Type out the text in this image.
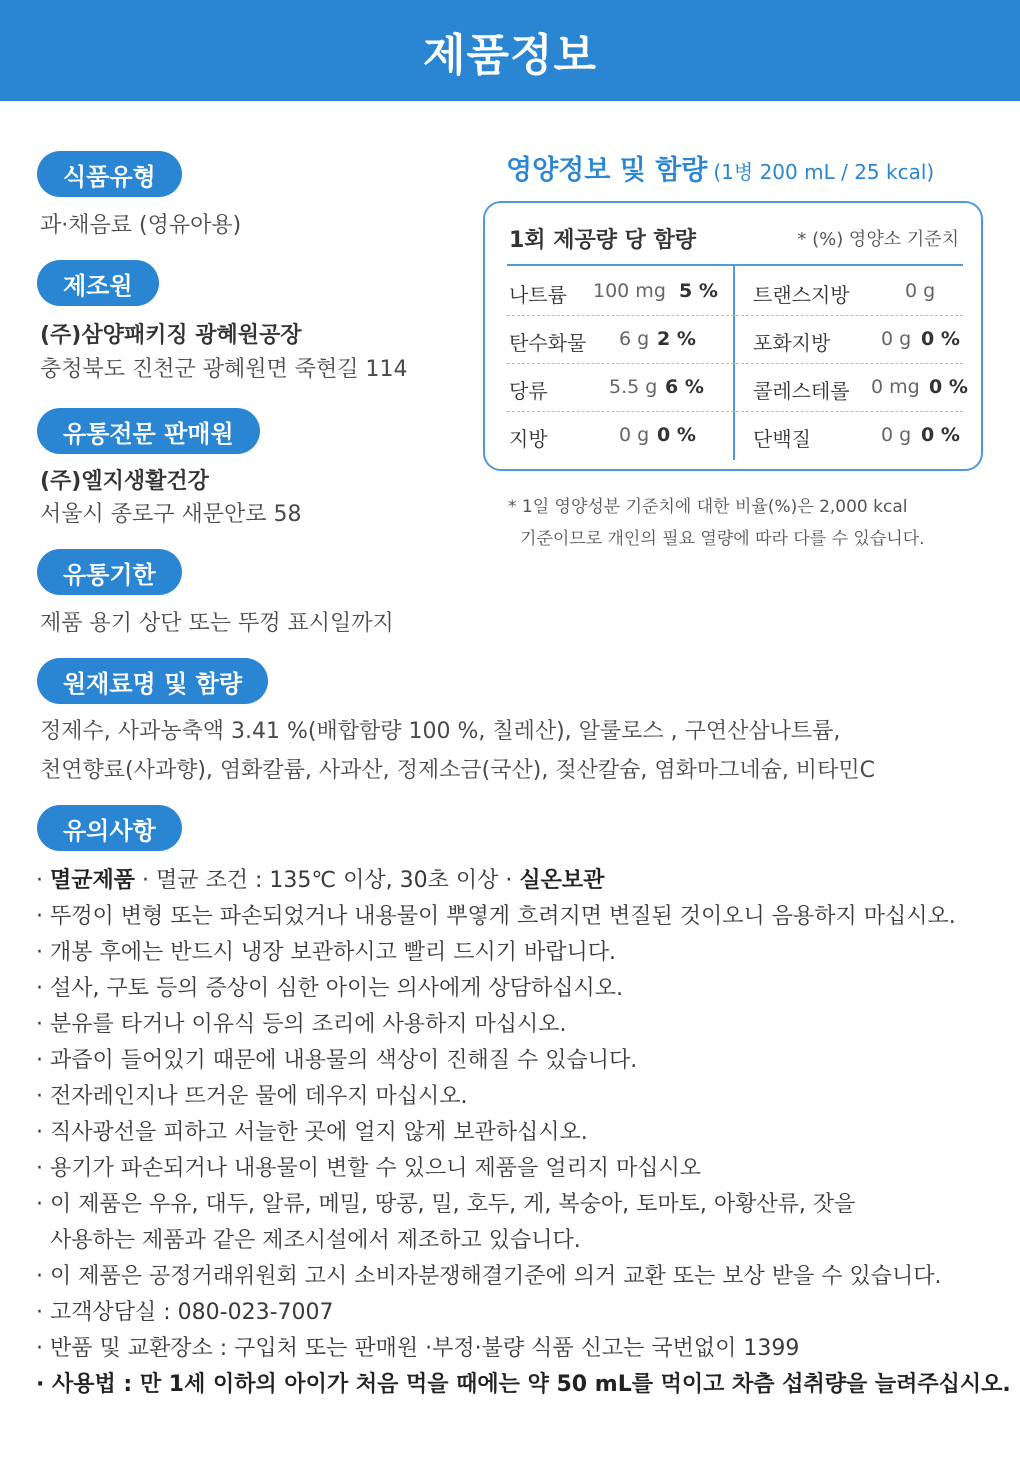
제품정보
식품유형
과·채음료 (영유아용)
제조원
(주)삼양패키징 광혜원공장
충청북도 진천군 광혜원면 죽현길 114
유통전문 판매원
(주)엘지생활건강
서울시 종로구 새문안로 58
유통기한
제품 용기 상단 또는 뚜껑 표시일까지
원재료명 및 함량
정제수, 사과농축액 3.41 %(배합함량 100 %, 칠레산), 알룰로스 , 구연산삼나트륨,
천연향료(사과향), 염화칼륨, 사과산, 정제소금(국산), 젖산칼슘, 염화마그네슘, 비타민C
영양정보 및 함량 (1병 200 mL / 25 kcal)
1회 제공량 당 함량	* (%) 영양소 기준치
나트륨 100 mg 5 % 트랜스지방	0 g
탄수화물 6 g 2 %	포화지방	0 g 0 %
당류	5.5 g 6 % 콜레스테롤 0 mg 0 %
지방	0 g 0 %	단백질	0 g 0 %
* 1일 영양성분 기준치에 대한 비율(%)은 2,000 kcal
기준이므로 개인의 필요 열량에 따라 다를 수 있습니다.
유의사항
· 멸균제품 · 멸균 조건 : 135℃ 이상, 30초 이상 · 실온보관
· 뚜껑이 변형 또는 파손되었거나 내용물이 뿌옇게 흐려지면 변질된 것이오니 음용하지 마십시오.
· 개봉 후에는 반드시 냉장 보관하시고 빨리 드시기 바랍니다.
· 설사, 구토 등의 증상이 심한 아이는 의사에게 상담하십시오.
· 분유를 타거나 이유식 등의 조리에 사용하지 마십시오.
· 과즙이 들어있기 때문에 내용물의 색상이 진해질 수 있습니다.
· 전자레인지나 뜨거운 물에 데우지 마십시오.
· 직사광선을 피하고 서늘한 곳에 얼지 않게 보관하십시오.
· 용기가 파손되거나 내용물이 변할 수 있으니 제품을 얼리지 마십시오
· 이 제품은 우유, 대두, 알류, 메밀, 땅콩, 밀, 호두, 게, 복숭아, 토마토, 아황산류, 잣을
사용하는 제품과 같은 제조시설에서 제조하고 있습니다.
· 이 제품은 공정거래위원회 고시 소비자분쟁해결기준에 의거 교환 또는 보상 받을 수 있습니다.
· 고객상담실 : 080-023-7007
· 반품 및 교환장소 : 구입처 또는 판매원 ·부정·불량 식품 신고는 국번없이 1399
· 사용법 : 만 1세 이하의 아이가 처음 먹을 때에는 약 50 mL를 먹이고 차츰 섭취량을 늘려주십시오.
